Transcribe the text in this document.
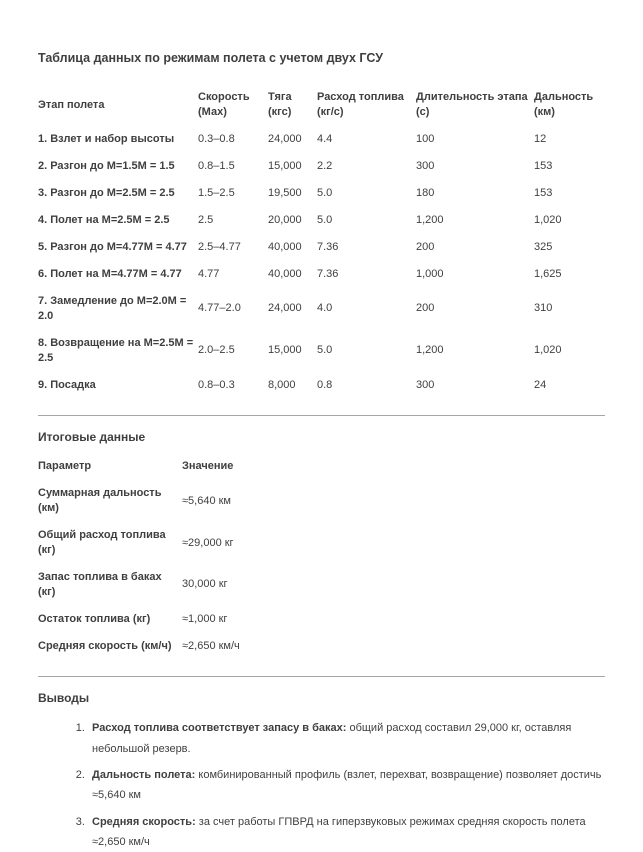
Таблица данных по режимам полета с учетом двух ГСУ
Этап полета	Скорость (Мах)	Тяга (кгс)	Расход топлива (кг/с)	Длительность этапа (с)	Дальность (км)
1. Взлет и набор высоты	0.3–0.8	24,000	4.4	100	12
2. Разгон до M=1.5M = 1.5	0.8–1.5	15,000	2.2	300	153
3. Разгон до M=2.5M = 2.5	1.5–2.5	19,500	5.0	180	153
4. Полет на M=2.5M = 2.5	2.5	20,000	5.0	1,200	1,020
5. Разгон до M=4.77M = 4.77	2.5–4.77	40,000	7.36	200	325
6. Полет на M=4.77M = 4.77	4.77	40,000	7.36	1,000	1,625
7. Замедление до M=2.0M = 2.0	4.77–2.0	24,000	4.0	200	310
8. Возвращение на M=2.5M = 2.5	2.0–2.5	15,000	5.0	1,200	1,020
9. Посадка	0.8–0.3	8,000	0.8	300	24
Итоговые данные
Параметр	Значение
Суммарная дальность (км)	≈5,640 км
Общий расход топлива (кг)	≈29,000 кг
Запас топлива в баках (кг)	30,000 кг
Остаток топлива (кг)	≈1,000 кг
Средняя скорость (км/ч)	≈2,650 км/ч
Выводы
1. Расход топлива соответствует запасу в баках: общий расход составил 29,000 кг, оставляя небольшой резерв.
2. Дальность полета: комбинированный профиль (взлет, перехват, возвращение) позволяет достичь ≈5,640 км
3. Средняя скорость: за счет работы ГПВРД на гиперзвуковых режимах средняя скорость полета ≈2,650 км/ч
